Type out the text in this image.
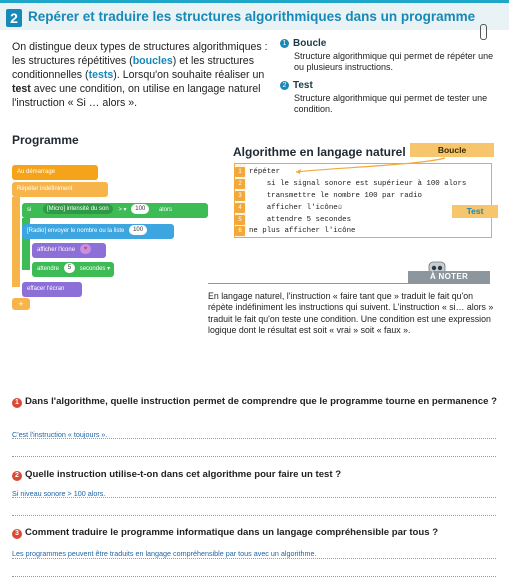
2 Repérer et traduire les structures algorithmiques dans un programme

On distingue deux types de structures algorithmiques : les structures répétitives (boucles) et les structures conditionnelles (tests). Lorsqu'on souhaite réaliser un test avec une condition, on utilise en langage naturel l'instruction « Si … alors ».

1 Boucle
Structure algorithmique qui permet de répéter une ou plusieurs instructions.
2 Test
Structure algorithmique qui permet de tester une condition.
Programme
Au démarrage
Répéter indéfiniment
si	[Micro] intensité du son > ▾ 100 alors
[Radio] envoyer le nombre ou la liste 100
afficher l'icone ♥
attendre 5 secondes ▾
effacer l'écran
+
Algorithme en langage naturel	Boucle
1 répéter
2    si le signal sonore est supérieur à 100 alors
3    transmettre le nombre 100 par radio
4    afficher l'icône☺
5    attendre 5 secondes
6 ne plus afficher l'icône
Test
À NOTER

En langage naturel, l'instruction « faire tant que » traduit le fait qu'on répète indéfiniment les instructions qui suivent. L'instruction « si… alors » traduit le fait qu'on teste une condition. Une condition est une expression logique dont le résultat est soit « vrai » soit « faux ».

1 Dans l'algorithme, quelle instruction permet de comprendre que le programme tourne en permanence ?

C'est l'instruction « toujours ».

2 Quelle instruction utilise-t-on dans cet algorithme pour faire un test ?

Si niveau sonore > 100 alors.

3 Comment traduire le programme informatique dans un langage compréhensible par tous ?

Les programmes peuvent être traduits en langage compréhensible par tous avec un algorithme.
